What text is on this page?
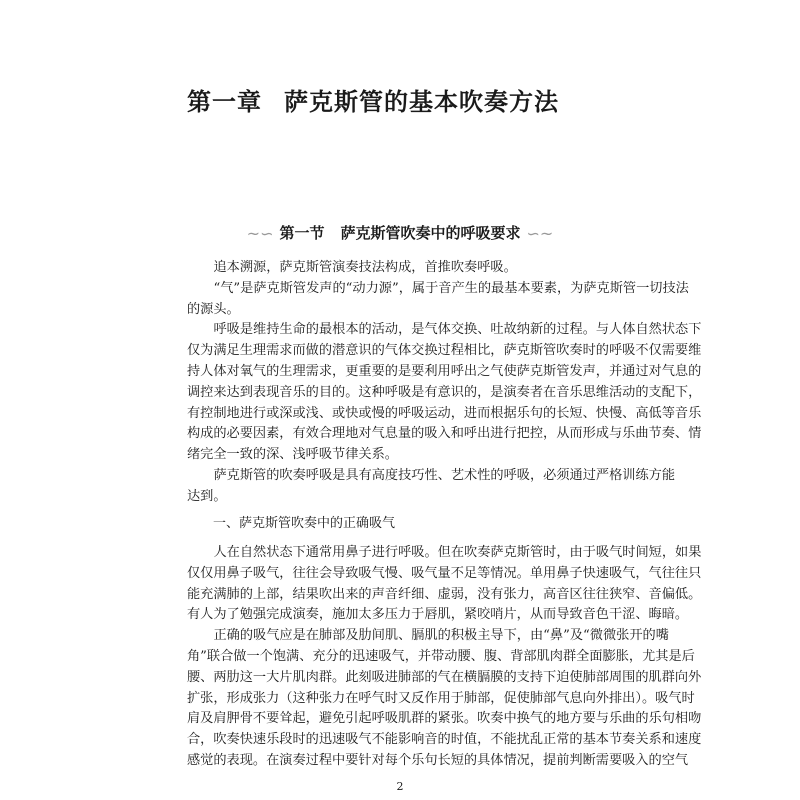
第一章 萨克斯管的基本吹奏方法
~∽ 第一节 萨克斯管吹奏中的呼吸要求 ∽~
追本溯源，萨克斯管演奏技法构成，首推吹奏呼吸。
“气”是萨克斯管发声的“动力源”，属于音产生的最基本要素，为萨克斯管一切技法
的源头。
呼吸是维持生命的最根本的活动，是气体交换、吐故纳新的过程。与人体自然状态下
仅为满足生理需求而做的潜意识的气体交换过程相比，萨克斯管吹奏时的呼吸不仅需要维
持人体对氧气的生理需求，更重要的是要利用呼出之气使萨克斯管发声，并通过对气息的
调控来达到表现音乐的目的。这种呼吸是有意识的，是演奏者在音乐思维活动的支配下，
有控制地进行或深或浅、或快或慢的呼吸运动，进而根据乐句的长短、快慢、高低等音乐
构成的必要因素，有效合理地对气息量的吸入和呼出进行把控，从而形成与乐曲节奏、情
绪完全一致的深、浅呼吸节律关系。
萨克斯管的吹奏呼吸是具有高度技巧性、艺术性的呼吸，必须通过严格训练方能
达到。
一、萨克斯管吹奏中的正确吸气
人在自然状态下通常用鼻子进行呼吸。但在吹奏萨克斯管时，由于吸气时间短，如果
仅仅用鼻子吸气，往往会导致吸气慢、吸气量不足等情况。单用鼻子快速吸气，气往往只
能充满肺的上部，结果吹出来的声音纤细、虚弱，没有张力，高音区往往狭窄、音偏低。
有人为了勉强完成演奏，施加太多压力于唇肌，紧咬哨片，从而导致音色干涩、晦暗。
正确的吸气应是在肺部及肋间肌、膈肌的积极主导下，由“鼻”及“微微张开的嘴
角”联合做一个饱满、充分的迅速吸气，并带动腰、腹、背部肌肉群全面膨胀，尤其是后
腰、两肋这一大片肌肉群。此刻吸进肺部的气在横膈膜的支持下迫使肺部周围的肌群向外
扩张，形成张力（这种张力在呼气时又反作用于肺部，促使肺部气息向外排出）。吸气时
肩及肩胛骨不要耸起，避免引起呼吸肌群的紧张。吹奏中换气的地方要与乐曲的乐句相吻
合，吹奏快速乐段时的迅速吸气不能影响音的时值，不能扰乱正常的基本节奏关系和速度
感觉的表现。在演奏过程中要针对每个乐句长短的具体情况，提前判断需要吸入的空气
2
